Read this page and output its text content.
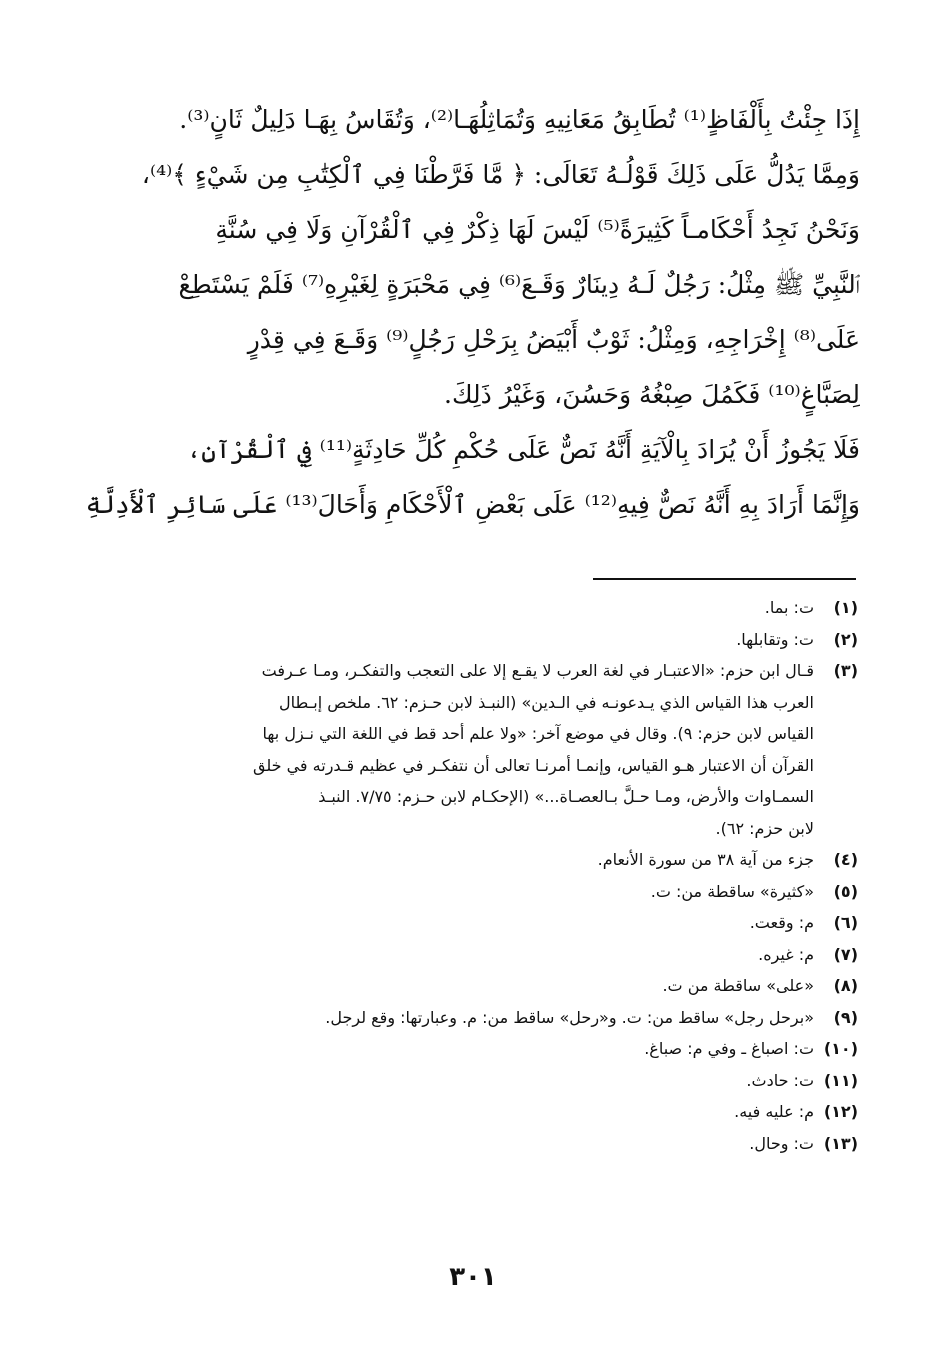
إِذَا جِئْتُ بِأَلْفَاظٍ⁽¹⁾ تُطَابِقُ مَعَانِيهِ وَتُمَاثِلُهَـا⁽²⁾، وَتُقَاسُ بِهَـا دَلِيلٌ ثَانٍ⁽³⁾.
وَمِمَّا يَدُلُّ عَلَى ذَلِكَ قَوْلُـهُ تَعَالَى: ﴿ مَّا فَرَّطْنَا فِي ٱلْكِتَٰبِ مِن شَيْءٍ ﴾⁽⁴⁾،
وَنَحْنُ نَجِدُ أَحْكَامـاً كَثِيرَةً⁽⁵⁾ لَيْسَ لَهَا ذِكْرٌ فِي ٱلْقُرْآنِ وَلَا فِي سُنَّةِ
ٱلنَّبِيِّ ﷺ مِثْلُ: رَجُلٌ لَـهُ دِينَارٌ وَقَـعَ⁽⁶⁾ فِي مَحْبَرَةٍ لِغَيْرِهِ⁽⁷⁾ فَلَمْ يَسْتَطِعْ
عَلَى⁽⁸⁾ إِخْرَاجِهِ، وَمِثْلُ: ثَوْبٌ أَبْيَضُ بِرَحْلِ رَجُلٍ⁽⁹⁾ وَقَـعَ فِي قِدْرٍ
لِصَبَّاغٍ⁽¹⁰⁾ فَكَمُلَ صِبْغُهُ وَحَسُنَ، وَغَيْرُ ذَلِكَ.
فَلَا يَجُوزُ أَنْ يُرَادَ بِالْآيَةِ أَنَّهُ نَصٌّ عَلَى حُكْمِ كُلِّ حَادِثَةٍ⁽¹¹⁾ فِي ٱلْقُرْآنِ،
وَإِنَّمَا أَرَادَ بِهِ أَنَّهُ نَصٌّ فِيهِ⁽¹²⁾ عَلَى بَعْضِ ٱلْأَحْكَامِ وَأَحَالَ⁽¹³⁾ عَلَى سَائِرِ ٱلْأَدِلَّةِ
(١)
ت: بما.
(٢)
ت: وتقابلها.
(٣)
قـال ابن حزم: «الاعتبـار في لغة العرب لا يقـع إلا على التعجب والتفكـر، ومـا عـرفت
العرب هذا القياس الذي يـدعونـه في الـدين» (النبـذ لابن حـزم: ٦٢. ملخص إبـطال
القياس لابن حزم: ٩). وقال في موضع آخر: «ولا علم أحد قط في اللغة التي نـزل بها
القرآن أن الاعتبار هـو القياس، وإنمـا أمرنـا تعالى أن نتفكـر في عظيم قـدرته في خلق
السمـاوات والأرض، ومـا حـلَّ بـالعصـاة...» (الإحكـام لابن حـزم: ٧/٧٥. النبـذ
لابن حزم: ٦٢).
(٤)
جزء من آية ٣٨ من سورة الأنعام.
(٥)
«كثيرة» ساقطة من: ت.
(٦)
م: وقعت.
(٧)
م: غيره.
(٨)
«على» ساقطة من ت.
(٩)
«برحل رجل» ساقط من: ت. و«رحل» ساقط من: م. وعبارتها: وقع لرجل.
(١٠)
ت: اصباغ ـ وفي م: صباغ.
(١١)
ت: حادث.
(١٢)
م: عليه فيه.
(١٣)
ت: وحال.
٣٠١
